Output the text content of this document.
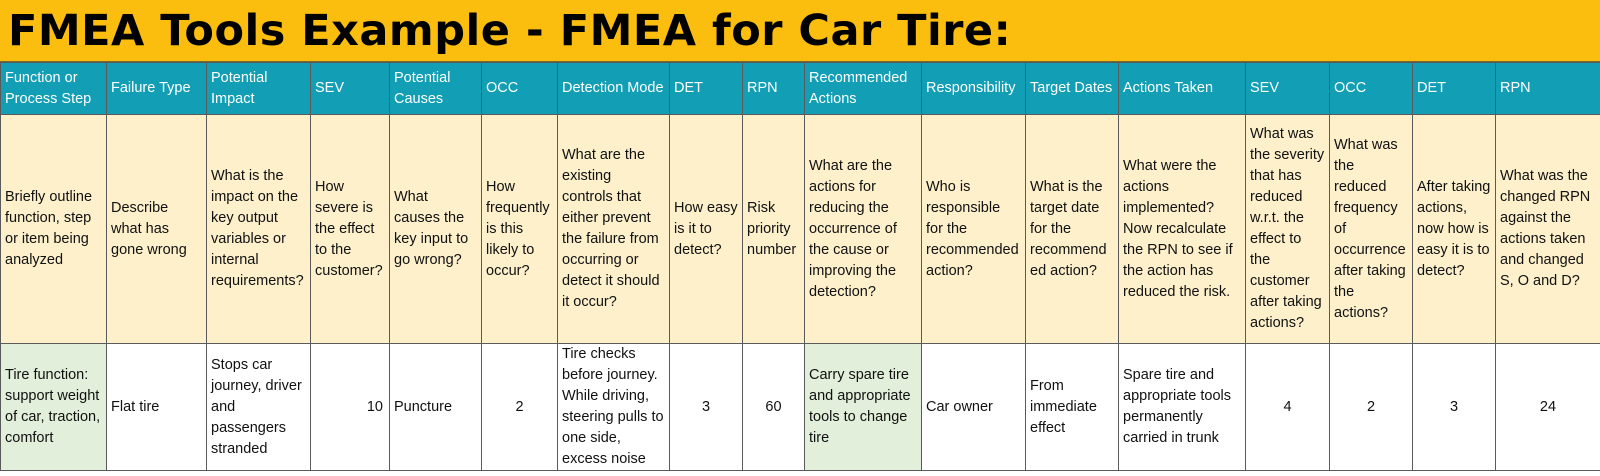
FMEA Tools Example - FMEA for Car Tire:
Function or Process Step	Failure Type	Potential Impact	SEV	Potential Causes	OCC	Detection Mode	DET	RPN	Recommended Actions	Responsibility	Target Dates	Actions Taken	SEV	OCC	DET	RPN
Briefly outline function, step or item being analyzed	Describe what has gone wrong	What is the impact on the key output variables or internal requirements?	How severe is the effect to the customer?	What causes the key input to go wrong?	How frequently is this likely to occur?	What are the existing controls that either prevent the failure from occurring or detect it should it occur?	How easy is it to detect?	Risk priority number	What are the actions for reducing the occurrence of the cause or improving the detection?	Who is responsible for the recommended action?	What is the target date for the recommended action?	What were the actions implemented? Now recalculate the RPN to see if the action has reduced the risk.	What was the severity that has reduced w.r.t. the effect to the customer after taking actions?	What was the reduced frequency of occurrence after taking the actions?	After taking actions, now how is easy it is to detect?	What was the changed RPN against the actions taken and changed S, O and D?
Tire function: support weight of car, traction, comfort	Flat tire	Stops car journey, driver and passengers stranded	10	Puncture	2	Tire checks before journey. While driving, steering pulls to one side, excess noise	3	60	Carry spare tire and appropriate tools to change tire	Car owner	From immediate effect	Spare tire and appropriate tools permanently carried in trunk	4	2	3	24
